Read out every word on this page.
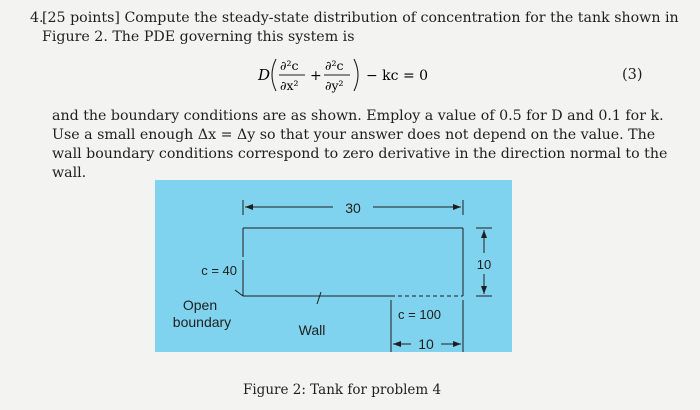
4.
[25 points] Compute the steady-state distribution of concentration for the tank shown in Figure 2. The PDE governing this system is

D
∂²c
∂x²
+
∂²c
∂y²
− kc = 0	(3)

and the boundary conditions are as shown. Employ a value of 0.5 for D and 0.1 for k. Use a small enough Δx = Δy so that your answer does not depend on the value. The wall boundary conditions correspond to zero derivative in the direction normal to the wall.

30
10
10
c = 40
c = 100
Open
boundary	Wall
Figure 2: Tank for problem 4
